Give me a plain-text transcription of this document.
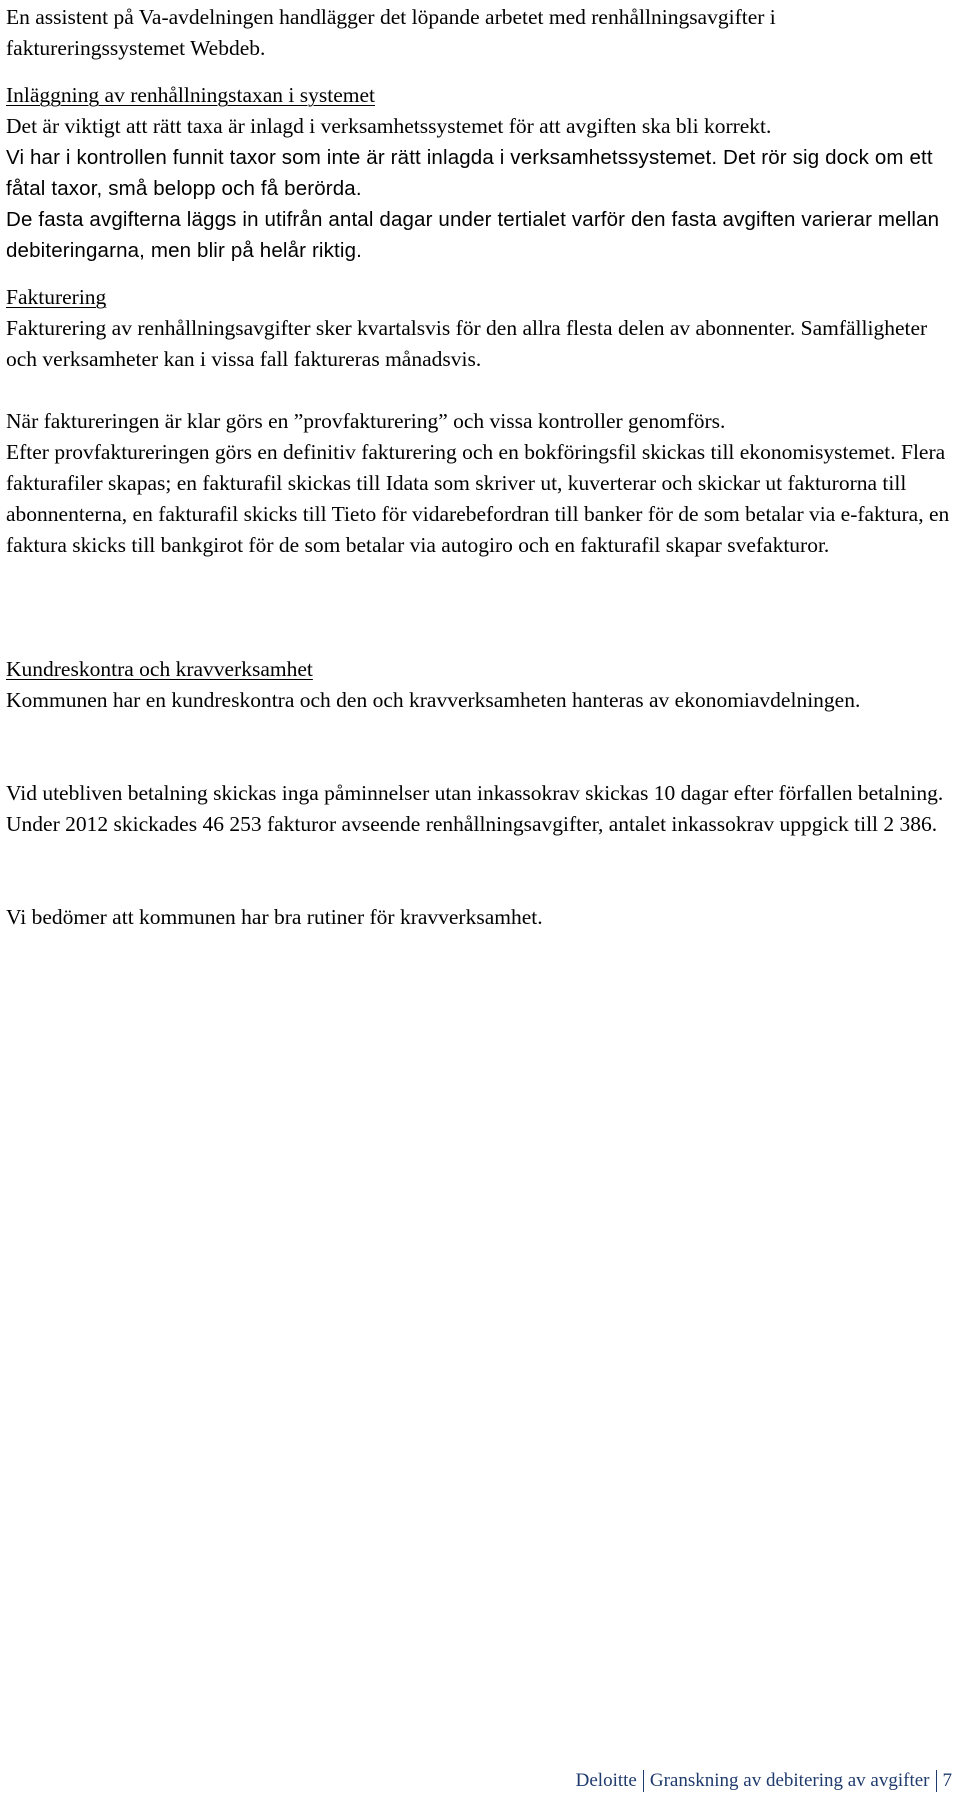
En assistent på Va-avdelningen handlägger det löpande arbetet med renhållningsavgifter i faktureringssystemet Webdeb.

Inläggning av renhållningstaxan i systemet

Det är viktigt att rätt taxa är inlagd i verksamhetssystemet för att avgiften ska bli korrekt.

Vi har i kontrollen funnit taxor som inte är rätt inlagda i verksamhetssystemet. Det rör sig dock om ett fåtal taxor, små belopp och få berörda.

De fasta avgifterna läggs in utifrån antal dagar under tertialet varför den fasta avgiften varierar mellan debiteringarna, men blir på helår riktig.

Fakturering

Fakturering av renhållningsavgifter sker kvartalsvis för den allra flesta delen av abonnenter. Samfälligheter och verksamheter kan i vissa fall faktureras månadsvis.

När faktureringen är klar görs en ”provfakturering” och vissa kontroller genomförs.

Efter provfaktureringen görs en definitiv fakturering och en bokföringsfil skickas till ekonomisystemet. Flera fakturafiler skapas; en fakturafil skickas till Idata som skriver ut, kuverterar och skickar ut fakturorna till abonnenterna, en fakturafil skicks till Tieto för vidarebefordran till banker för de som betalar via e-faktura, en faktura skicks till bankgirot för de som betalar via autogiro och en fakturafil skapar svefakturor.

Kundreskontra och kravverksamhet

Kommunen har en kundreskontra och den och kravverksamheten hanteras av ekonomiavdelningen.

Vid utebliven betalning skickas inga påminnelser utan inkassokrav skickas 10 dagar efter förfallen betalning. Under 2012 skickades 46 253 fakturor avseende renhållningsavgifter, antalet inkassokrav uppgick till 2 386.

Vi bedömer att kommunen har bra rutiner för kravverksamhet.

Deloitte Granskning av debitering av avgifter 7
